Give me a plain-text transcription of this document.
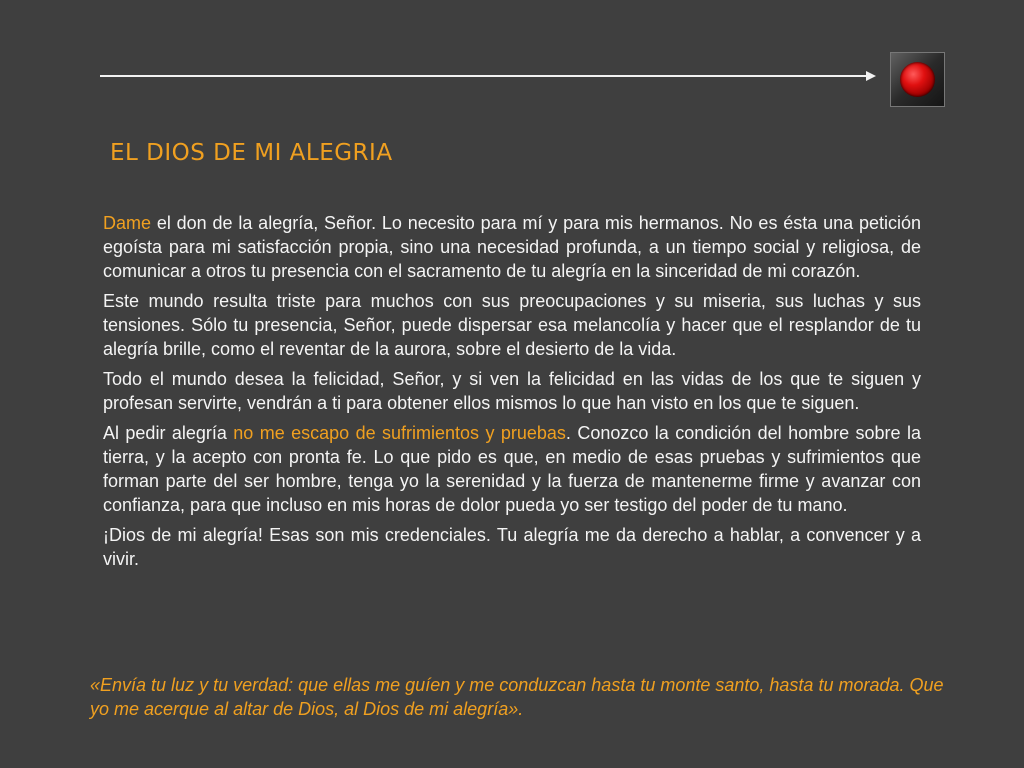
EL DIOS DE MI ALEGRIA

Dame el don de la alegría, Señor. Lo necesito para mí y para mis hermanos. No es ésta una petición egoísta para mi satisfacción propia, sino una necesidad profunda, a un tiempo social y religiosa, de comunicar a otros tu presencia con el sacramento de tu alegría en la sinceridad de mi corazón.

Este mundo resulta triste para muchos con sus preocupaciones y su miseria, sus luchas y sus tensiones. Sólo tu presencia, Señor, puede dispersar esa melancolía y hacer que el resplandor de tu alegría brille, como el reventar de la aurora, sobre el desierto de la vida.

Todo el mundo desea la felicidad, Señor, y si ven la felicidad en las vidas de los que te siguen y profesan servirte, vendrán a ti para obtener ellos mismos lo que han visto en los que te siguen.

Al pedir alegría no me escapo de sufrimientos y pruebas. Conozco la condición del hombre sobre la tierra, y la acepto con pronta fe. Lo que pido es que, en medio de esas pruebas y sufrimientos que forman parte del ser hombre, tenga yo la serenidad y la fuerza de mantenerme firme y avanzar con confianza, para que incluso en mis horas de dolor pueda yo ser testigo del poder de tu mano.

¡Dios de mi alegría! Esas son mis credenciales. Tu alegría me da derecho a hablar, a convencer y a vivir.

«Envía tu luz y tu verdad: que ellas me guíen y me conduzcan hasta tu monte santo, hasta tu morada. Que yo me acerque al altar de Dios, al Dios de mi alegría».
